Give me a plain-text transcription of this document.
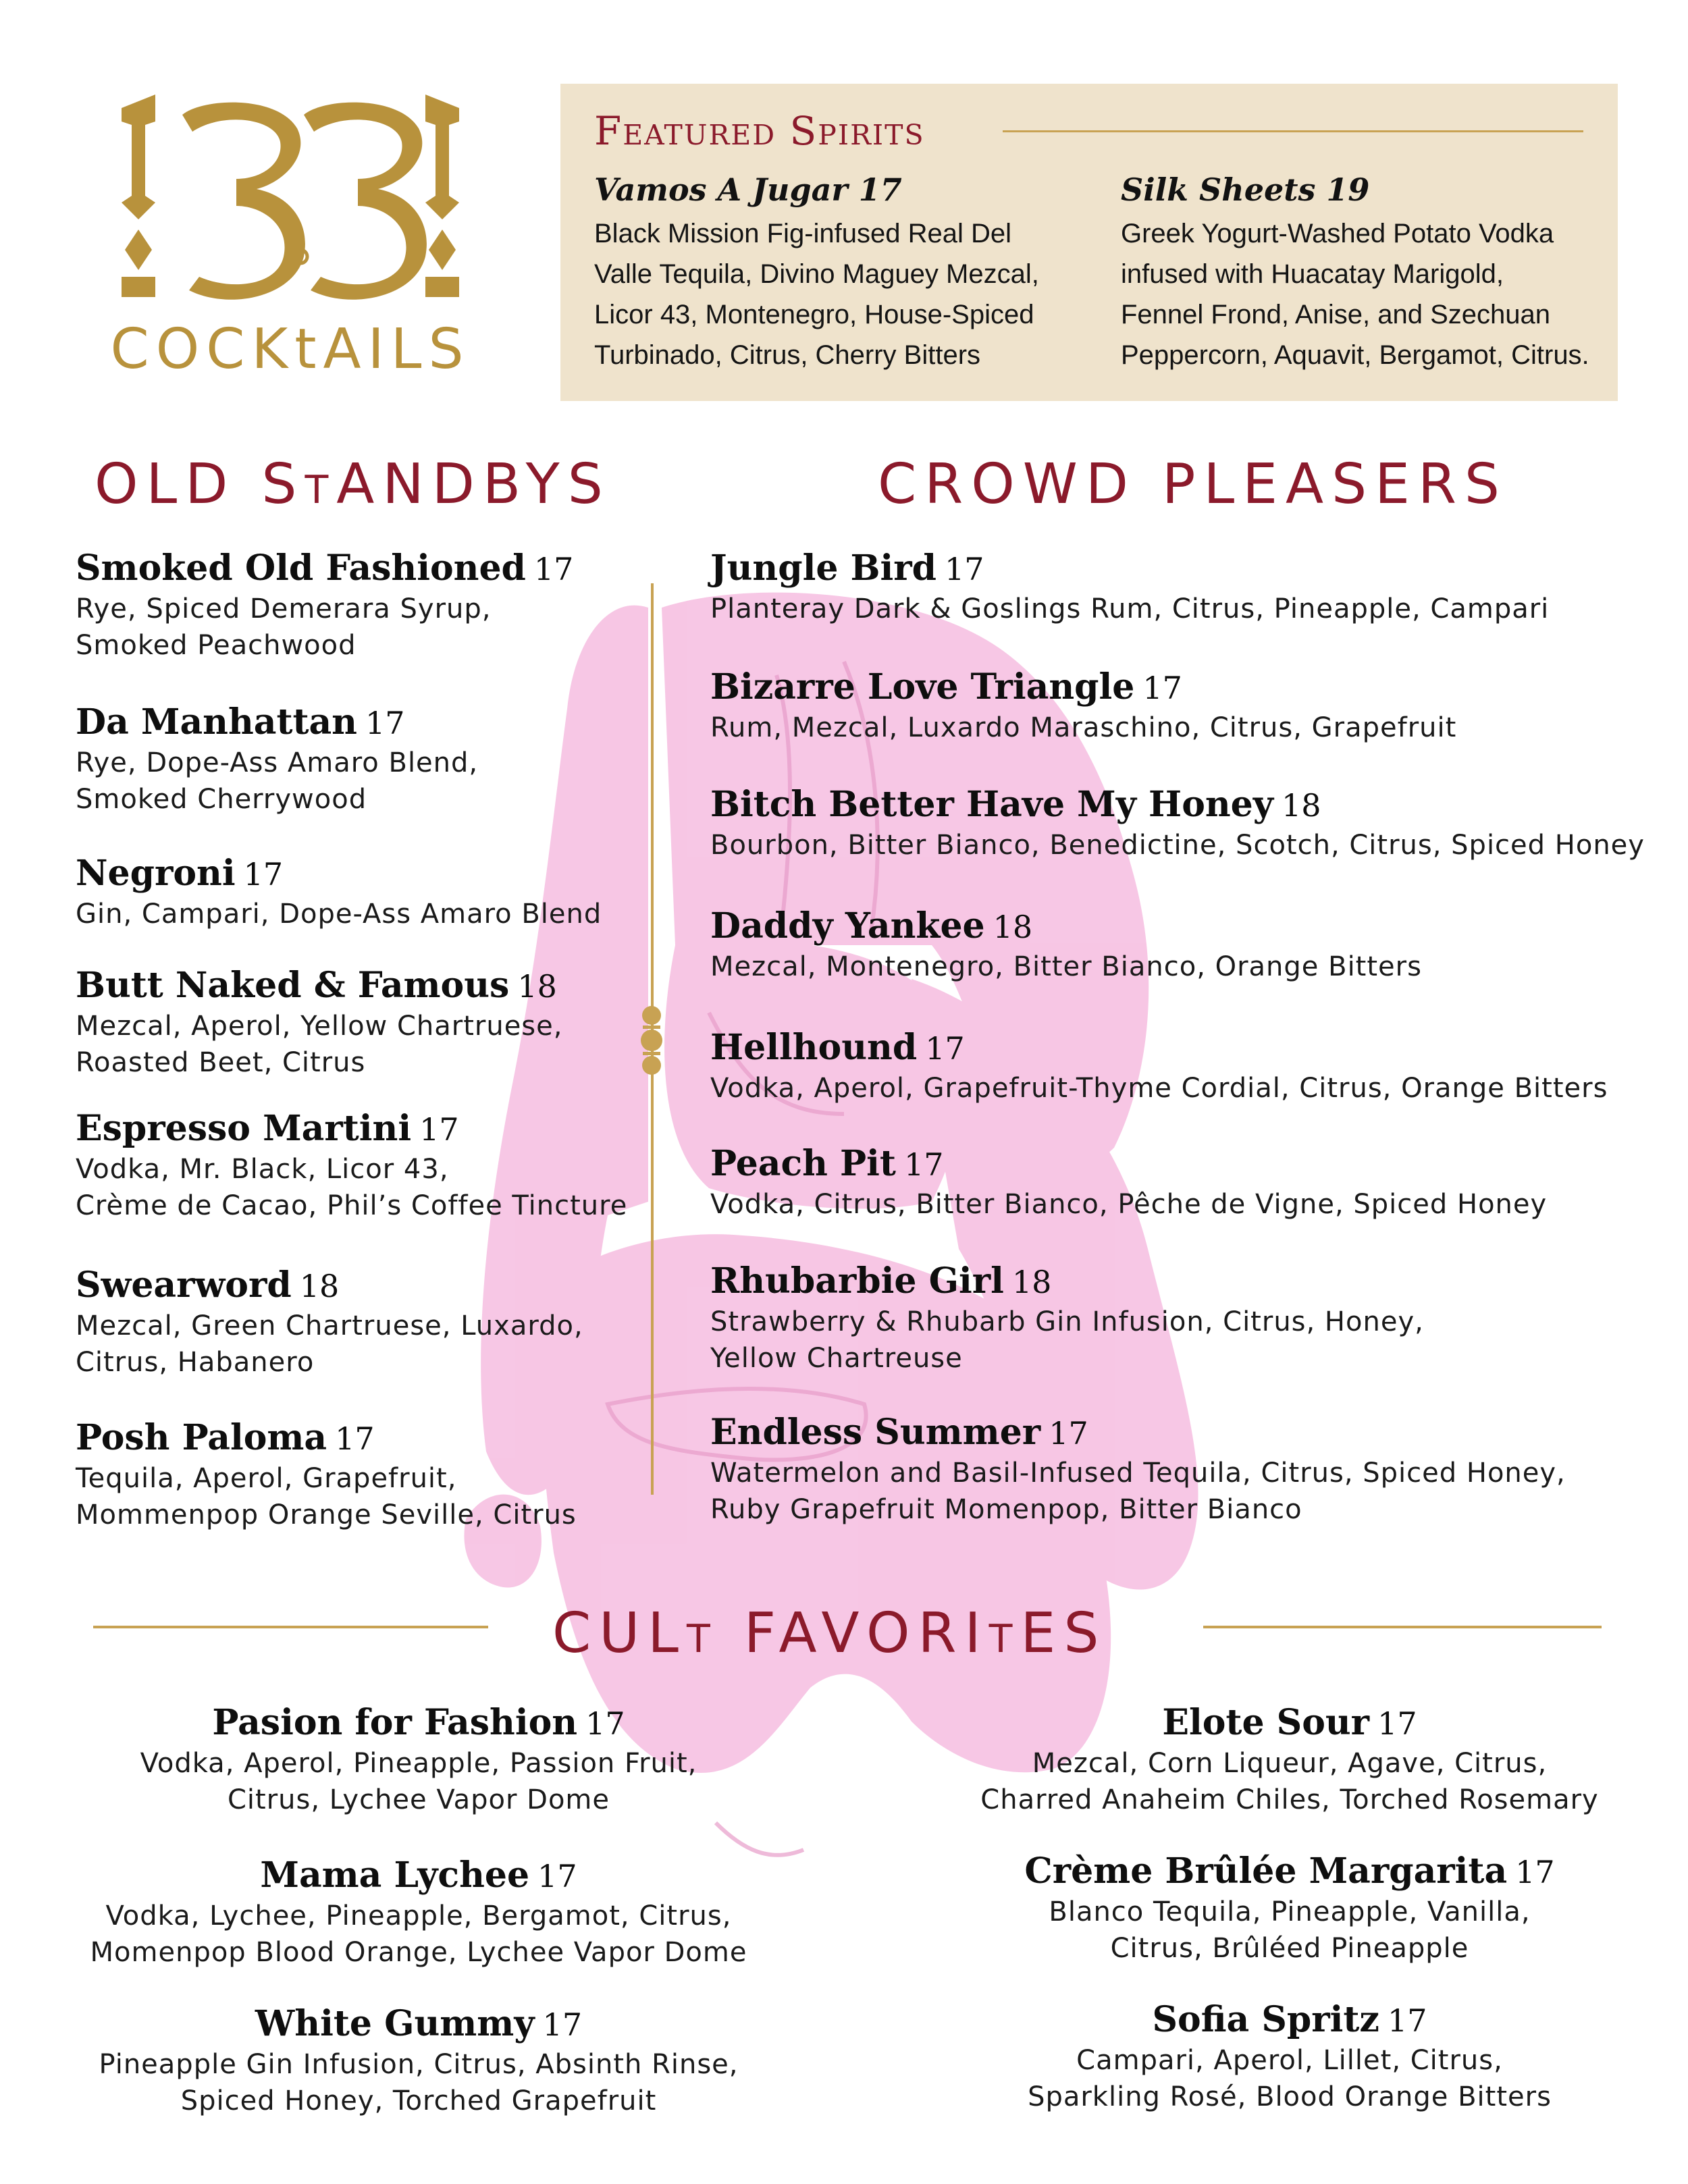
COCKtAILS
Featured Spirits
Vamos A Jugar 17
Black Mission Fig-infused Real Del Valle Tequila, Divino Maguey Mezcal, Licor 43, Montenegro, House-Spiced Turbinado, Citrus, Cherry Bitters
Silk Sheets 19
Greek Yogurt-Washed Potato Vodka infused with Huacatay Marigold, Fennel Frond, Anise, and Szechuan Peppercorn, Aquavit, Bergamot, Citrus.
OLD StANDBYS	CROWD PLEASERS
Smoked Old Fashioned 17
Rye, Spiced Demerara Syrup,
Smoked Peachwood
Da Manhattan 17
Rye, Dope-Ass Amaro Blend,
Smoked Cherrywood
Negroni 17
Gin, Campari, Dope-Ass Amaro Blend
Butt Naked & Famous 18
Mezcal, Aperol, Yellow Chartruese,
Roasted Beet, Citrus
Espresso Martini 17
Vodka, Mr. Black, Licor 43,
Crème de Cacao, Phil’s Coffee Tincture
Swearword 18
Mezcal, Green Chartruese, Luxardo,
Citrus, Habanero
Posh Paloma 17
Tequila, Aperol, Grapefruit,
Mommenpop Orange Seville, Citrus
Jungle Bird 17
Planteray Dark & Goslings Rum, Citrus, Pineapple, Campari
Bizarre Love Triangle 17
Rum, Mezcal, Luxardo Maraschino, Citrus, Grapefruit
Bitch Better Have My Honey 18
Bourbon, Bitter Bianco, Benedictine, Scotch, Citrus, Spiced Honey
Daddy Yankee 18
Mezcal, Montenegro, Bitter Bianco, Orange Bitters
Hellhound 17
Vodka, Aperol, Grapefruit-Thyme Cordial, Citrus, Orange Bitters
Peach Pit 17
Vodka, Citrus, Bitter Bianco, Pêche de Vigne, Spiced Honey
Rhubarbie Girl 18
Strawberry & Rhubarb Gin Infusion, Citrus, Honey,
Yellow Chartreuse
Endless Summer 17
Watermelon and Basil-Infused Tequila, Citrus, Spiced Honey,
Ruby Grapefruit Momenpop, Bitter Bianco
CULt FAVORItES
Pasion for Fashion 17
Vodka, Aperol, Pineapple, Passion Fruit,
Citrus, Lychee Vapor Dome
Mama Lychee 17
Vodka, Lychee, Pineapple, Bergamot, Citrus,
Momenpop Blood Orange, Lychee Vapor Dome
White Gummy 17
Pineapple Gin Infusion, Citrus, Absinth Rinse,
Spiced Honey, Torched Grapefruit
Elote Sour 17
Mezcal, Corn Liqueur, Agave, Citrus,
Charred Anaheim Chiles, Torched Rosemary
Crème Brûlée Margarita 17
Blanco Tequila, Pineapple, Vanilla,
Citrus, Brûléed Pineapple
Sofia Spritz 17
Campari, Aperol, Lillet, Citrus,
Sparkling Rosé, Blood Orange Bitters
